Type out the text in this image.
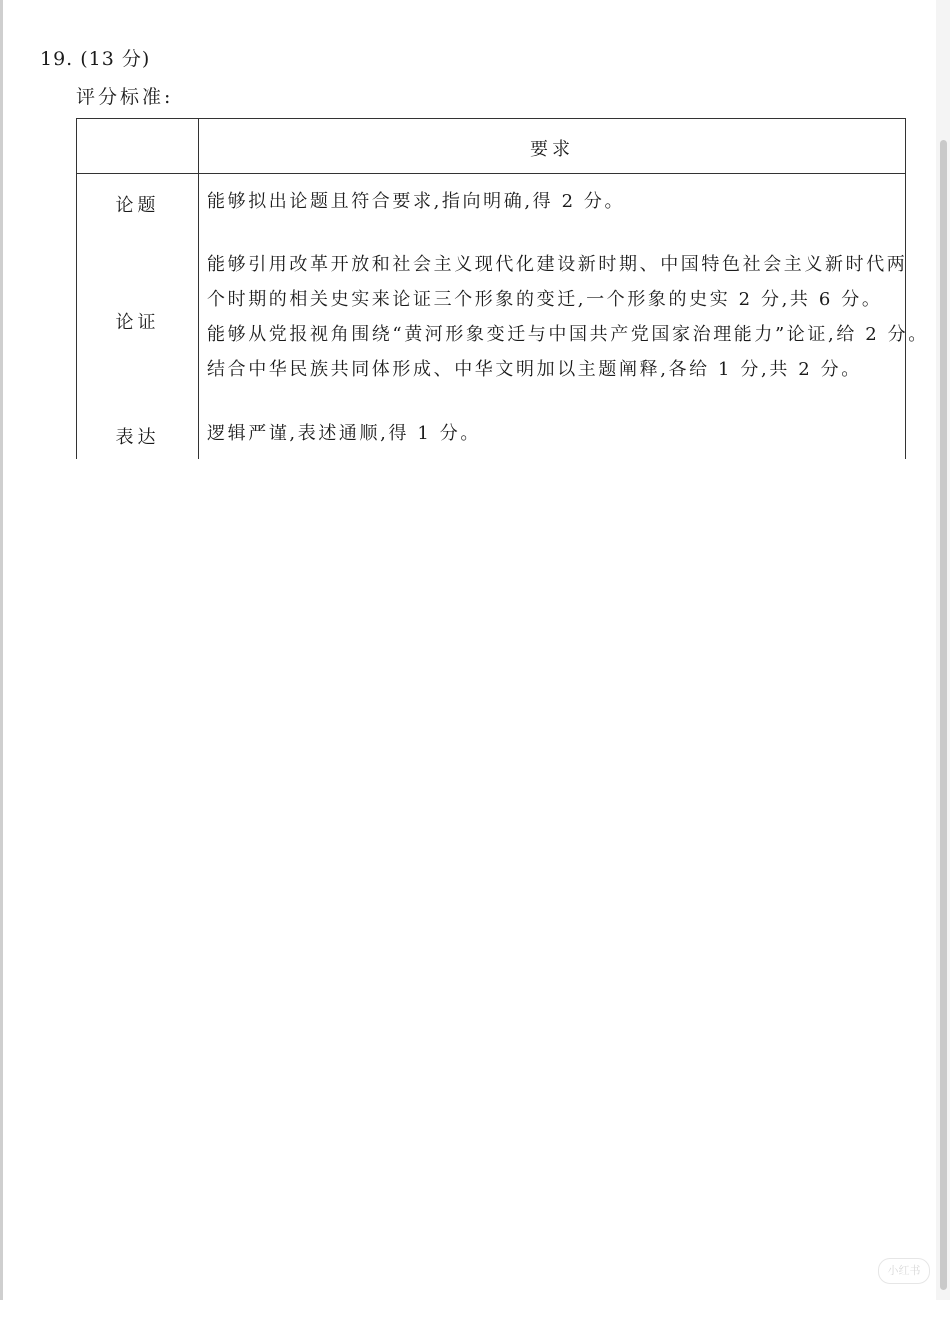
19. (13 分)
评分标准:
要求
论题	能够拟出论题且符合要求,指向明确,得 2 分。
论证
能够引用改革开放和社会主义现代化建设新时期、中国特色社会主义新时代两
个时期的相关史实来论证三个形象的变迁,一个形象的史实 2 分,共 6 分。
能够从党报视角围绕“黄河形象变迁与中国共产党国家治理能力”论证,给 2 分。
结合中华民族共同体形成、中华文明加以主题阐释,各给 1 分,共 2 分。
表达	逻辑严谨,表述通顺,得 1 分。
小红书
